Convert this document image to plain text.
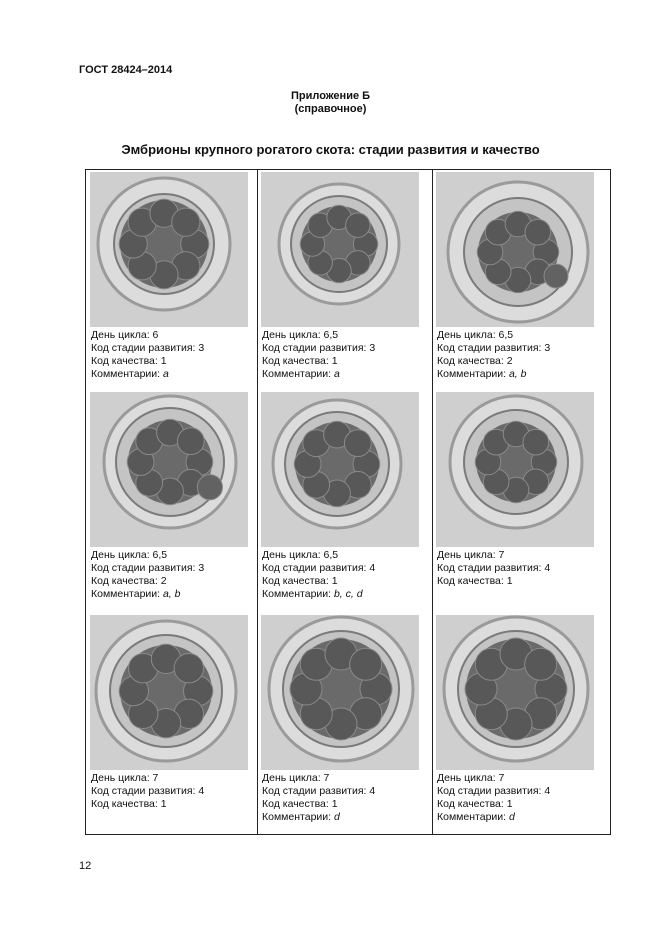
ГОСТ 28424–2014
Приложение Б
(справочное)
Эмбрионы крупного рогатого скота: стадии развития и качество
День цикла: 6
Код стадии развития: 3
Код качества: 1
Комментарии: a
День цикла: 6,5
Код стадии развития: 3
Код качества: 1
Комментарии: a
День цикла: 6,5
Код стадии развития: 3
Код качества: 2
Комментарии: a, b
День цикла: 6,5
Код стадии развития: 3
Код качества: 2
Комментарии: a, b
День цикла: 6,5
Код стадии развития: 4
Код качества: 1
Комментарии: b, c, d
День цикла: 7
Код стадии развития: 4
Код качества: 1
День цикла: 7
Код стадии развития: 4
Код качества: 1
День цикла: 7
Код стадии развития: 4
Код качества: 1
Комментарии: d
День цикла: 7
Код стадии развития: 4
Код качества: 1
Комментарии: d
12
